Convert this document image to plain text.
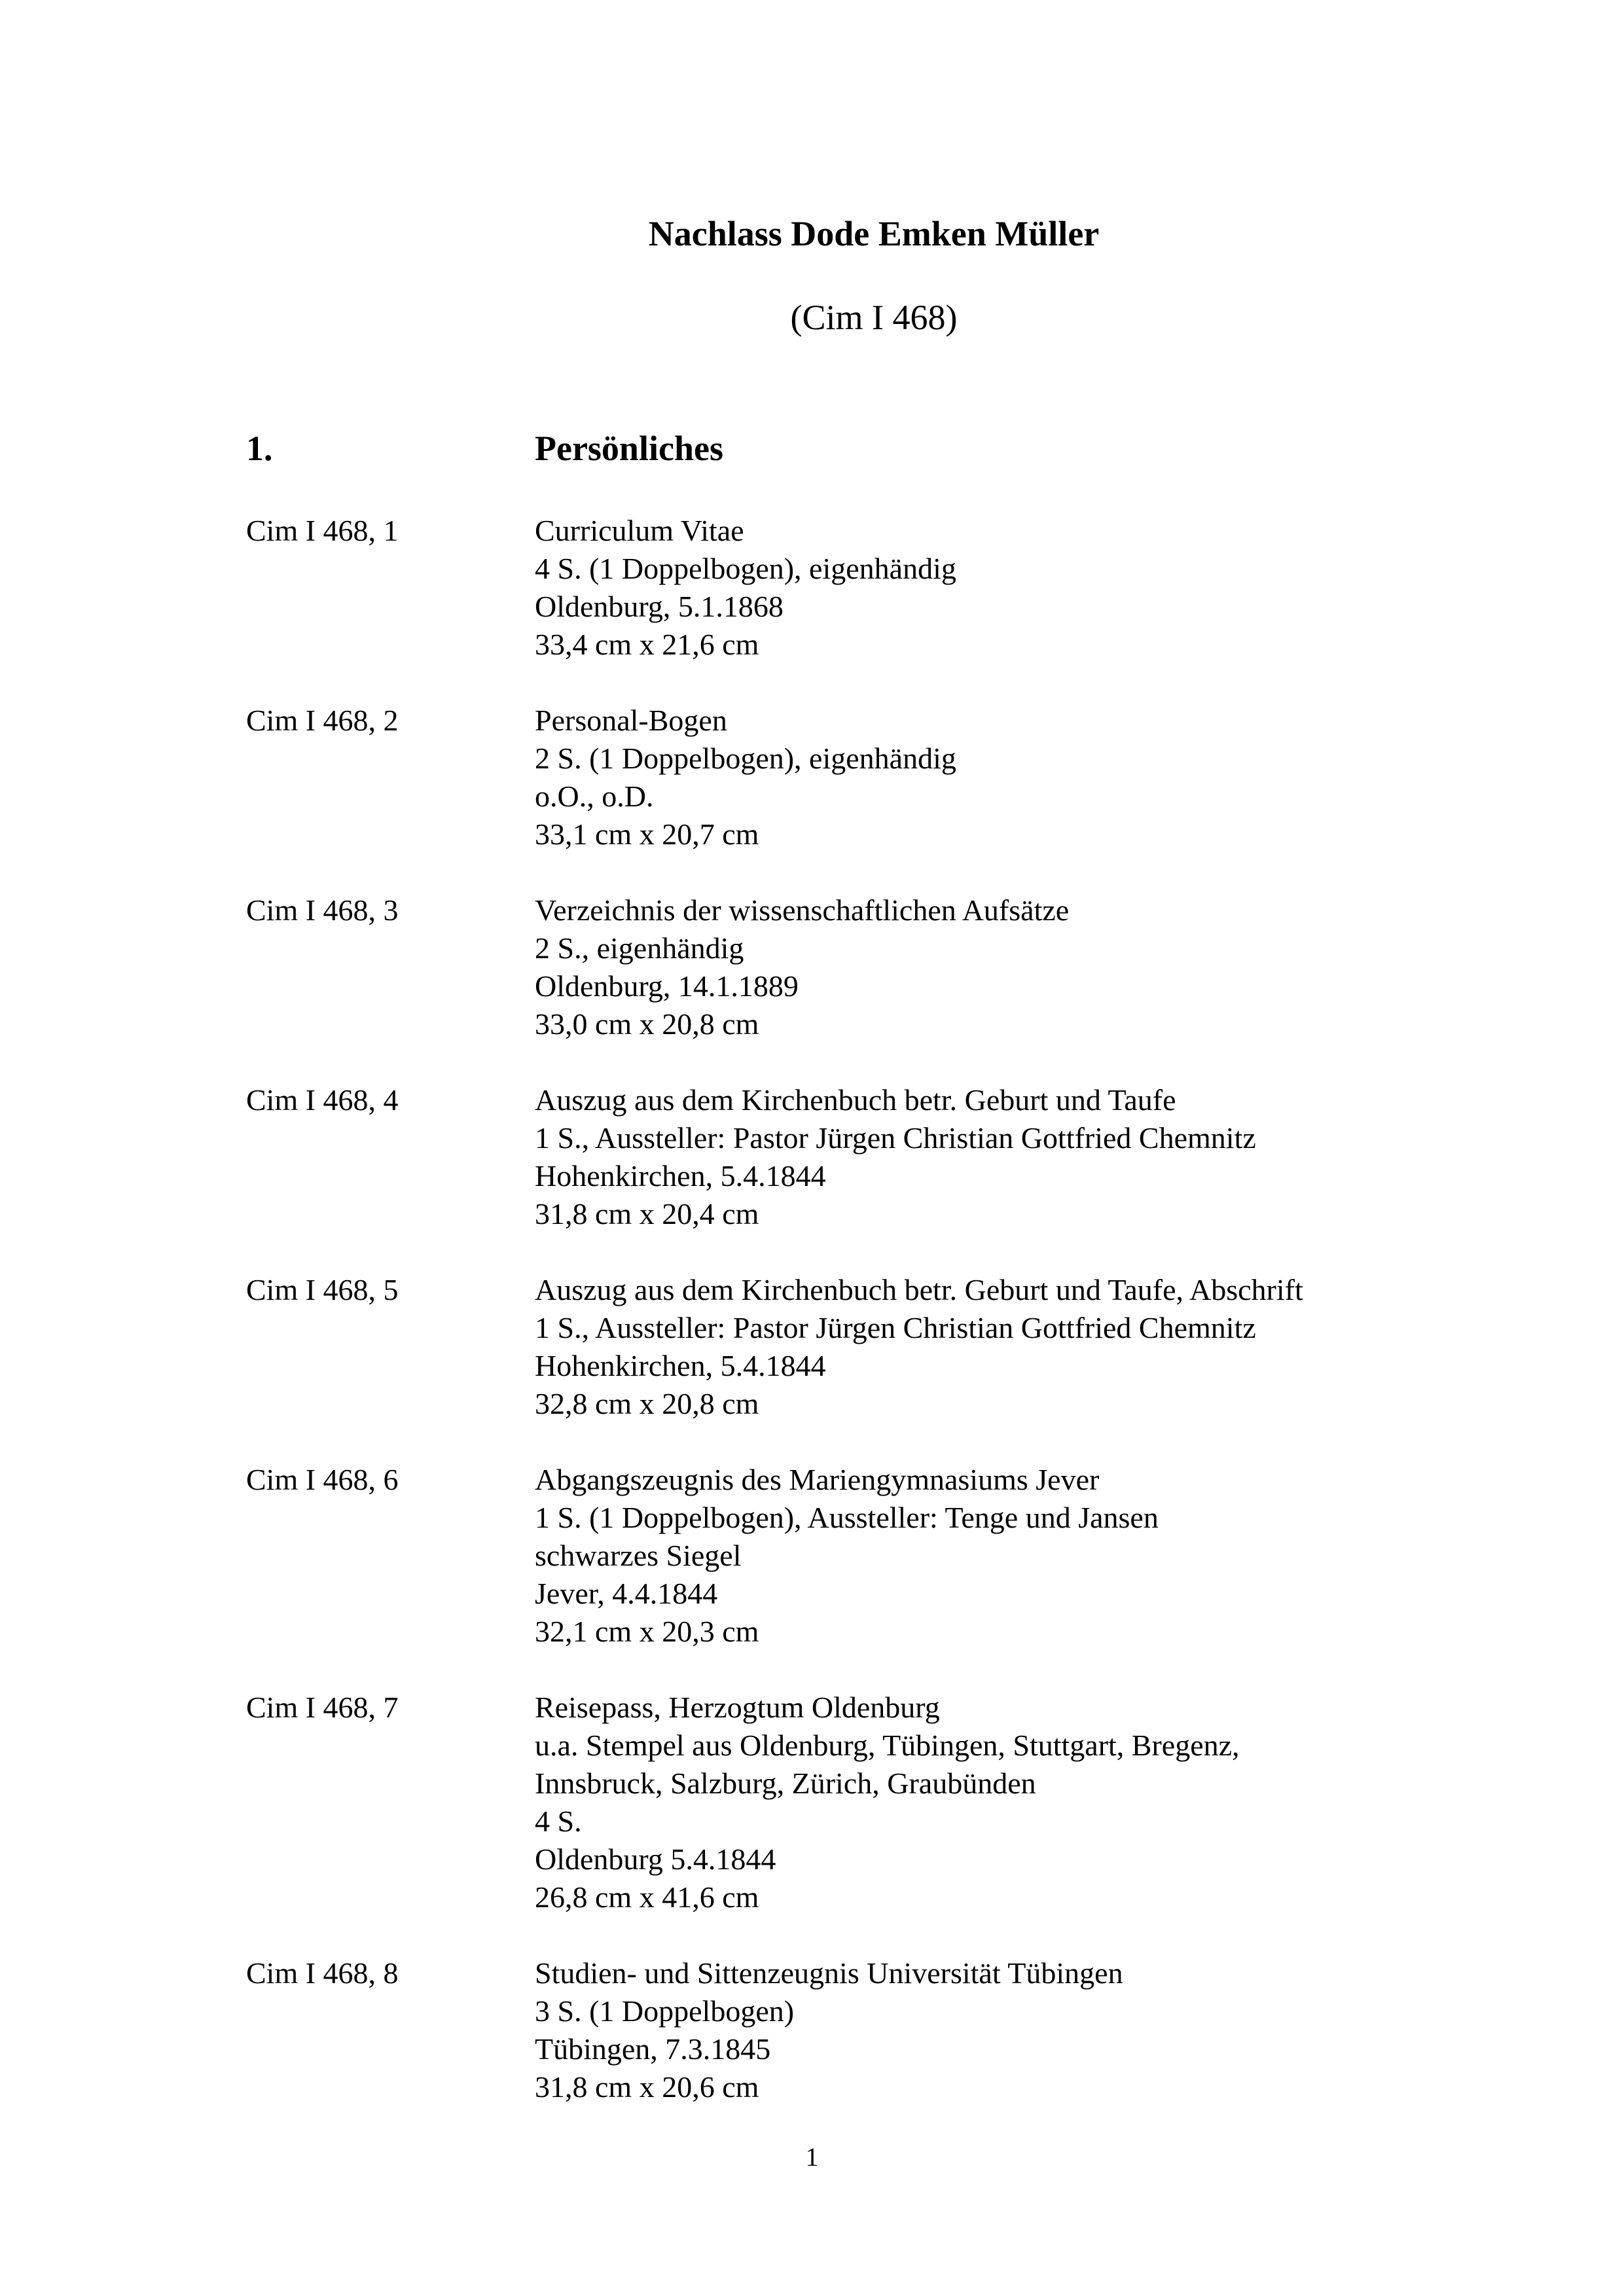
Nachlass Dode Emken Müller
(Cim I 468)
1.	Persönliches
Cim I 468, 1	Curriculum Vitae
4 S. (1 Doppelbogen), eigenhändig
Oldenburg, 5.1.1868
33,4 cm x 21,6 cm
Cim I 468, 2	Personal-Bogen
2 S. (1 Doppelbogen), eigenhändig
o.O., o.D.
33,1 cm x 20,7 cm
Cim I 468, 3	Verzeichnis der wissenschaftlichen Aufsätze
2 S., eigenhändig
Oldenburg, 14.1.1889
33,0 cm x 20,8 cm
Cim I 468, 4	Auszug aus dem Kirchenbuch betr. Geburt und Taufe
1 S., Aussteller: Pastor Jürgen Christian Gottfried Chemnitz
Hohenkirchen, 5.4.1844
31,8 cm x 20,4 cm
Cim I 468, 5	Auszug aus dem Kirchenbuch betr. Geburt und Taufe, Abschrift
1 S., Aussteller: Pastor Jürgen Christian Gottfried Chemnitz
Hohenkirchen, 5.4.1844
32,8 cm x 20,8 cm
Cim I 468, 6	Abgangszeugnis des Mariengymnasiums Jever
1 S. (1 Doppelbogen), Aussteller: Tenge und Jansen
schwarzes Siegel
Jever, 4.4.1844
32,1 cm x 20,3 cm
Cim I 468, 7	Reisepass, Herzogtum Oldenburg
u.a. Stempel aus Oldenburg, Tübingen, Stuttgart, Bregenz,
Innsbruck, Salzburg, Zürich, Graubünden
4 S.
Oldenburg 5.4.1844
26,8 cm x 41,6 cm
Cim I 468, 8	Studien- und Sittenzeugnis Universität Tübingen
3 S. (1 Doppelbogen)
Tübingen, 7.3.1845
31,8 cm x 20,6 cm
1
